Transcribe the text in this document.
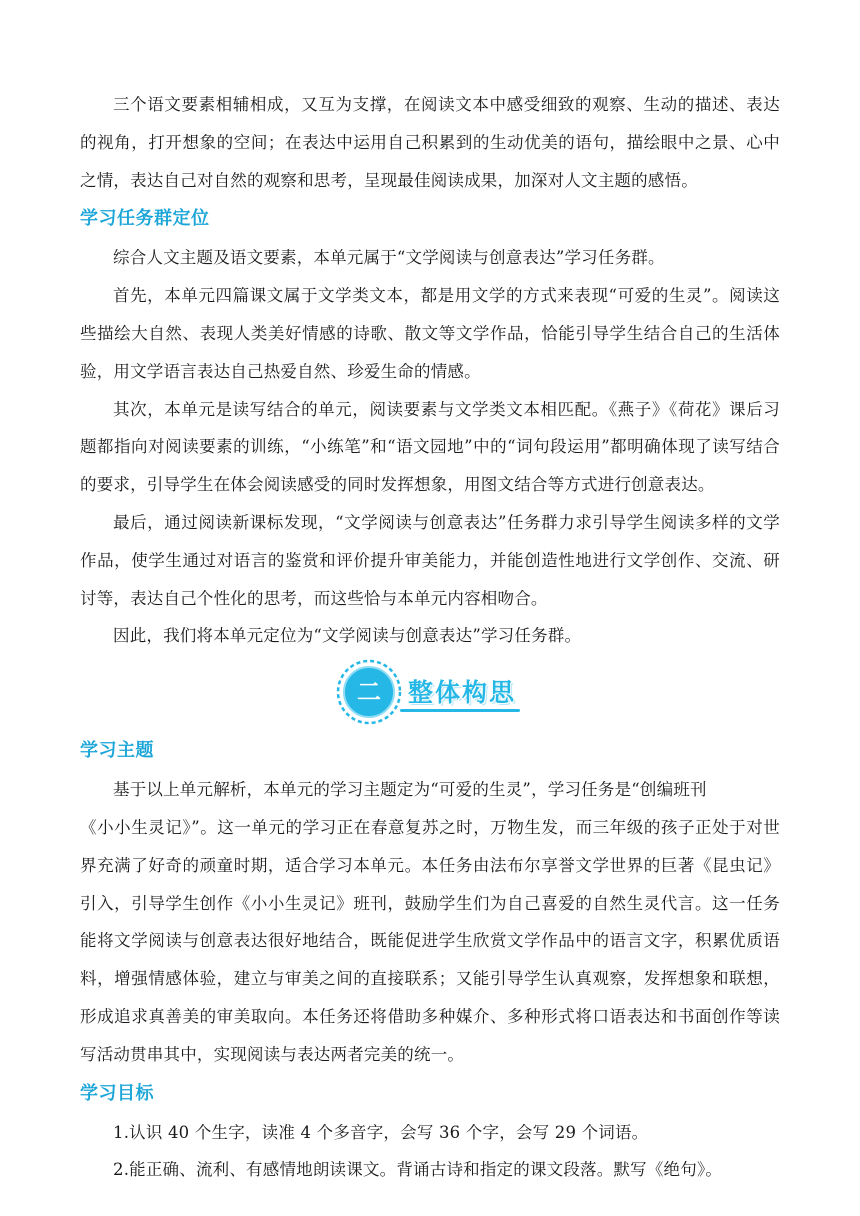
三个语文要素相辅相成，又互为支撑，在阅读文本中感受细致的观察、生动的描述、表达的视角，打开想象的空间；在表达中运用自己积累到的生动优美的语句，描绘眼中之景、心中之情，表达自己对自然的观察和思考，呈现最佳阅读成果，加深对人文主题的感悟。

学习任务群定位

综合人文主题及语文要素，本单元属于“文学阅读与创意表达”学习任务群。

首先，本单元四篇课文属于文学类文本，都是用文学的方式来表现“可爱的生灵”。阅读这些描绘大自然、表现人类美好情感的诗歌、散文等文学作品，恰能引导学生结合自己的生活体验，用文学语言表达自己热爱自然、珍爱生命的情感。

其次，本单元是读写结合的单元，阅读要素与文学类文本相匹配。《燕子》《荷花》课后习题都指向对阅读要素的训练，“小练笔”和“语文园地”中的“词句段运用”都明确体现了读写结合的要求，引导学生在体会阅读感受的同时发挥想象，用图文结合等方式进行创意表达。

最后，通过阅读新课标发现，“文学阅读与创意表达”任务群力求引导学生阅读多样的文学作品，使学生通过对语言的鉴赏和评价提升审美能力，并能创造性地进行文学创作、交流、研讨等，表达自己个性化的思考，而这些恰与本单元内容相吻合。

因此，我们将本单元定位为“文学阅读与创意表达”学习任务群。

二	整体构思
学习主题

基于以上单元解析，本单元的学习主题定为“可爱的生灵”，学习任务是“创编班刊

《小小生灵记》”。这一单元的学习正在春意复苏之时，万物生发，而三年级的孩子正处于对世界充满了好奇的顽童时期，适合学习本单元。本任务由法布尔享誉文学世界的巨著《昆虫记》引入，引导学生创作《小小生灵记》班刊，鼓励学生们为自己喜爱的自然生灵代言。这一任务能将文学阅读与创意表达很好地结合，既能促进学生欣赏文学作品中的语言文字，积累优质语料，增强情感体验，建立与审美之间的直接联系；又能引导学生认真观察，发挥想象和联想，形成追求真善美的审美取向。本任务还将借助多种媒介、多种形式将口语表达和书面创作等读写活动贯串其中，实现阅读与表达两者完美的统一。

学习目标

1.认识 40 个生字，读准 4 个多音字，会写 36 个字，会写 29 个词语。

2.能正确、流利、有感情地朗读课文。背诵古诗和指定的课文段落。默写《绝句》。
